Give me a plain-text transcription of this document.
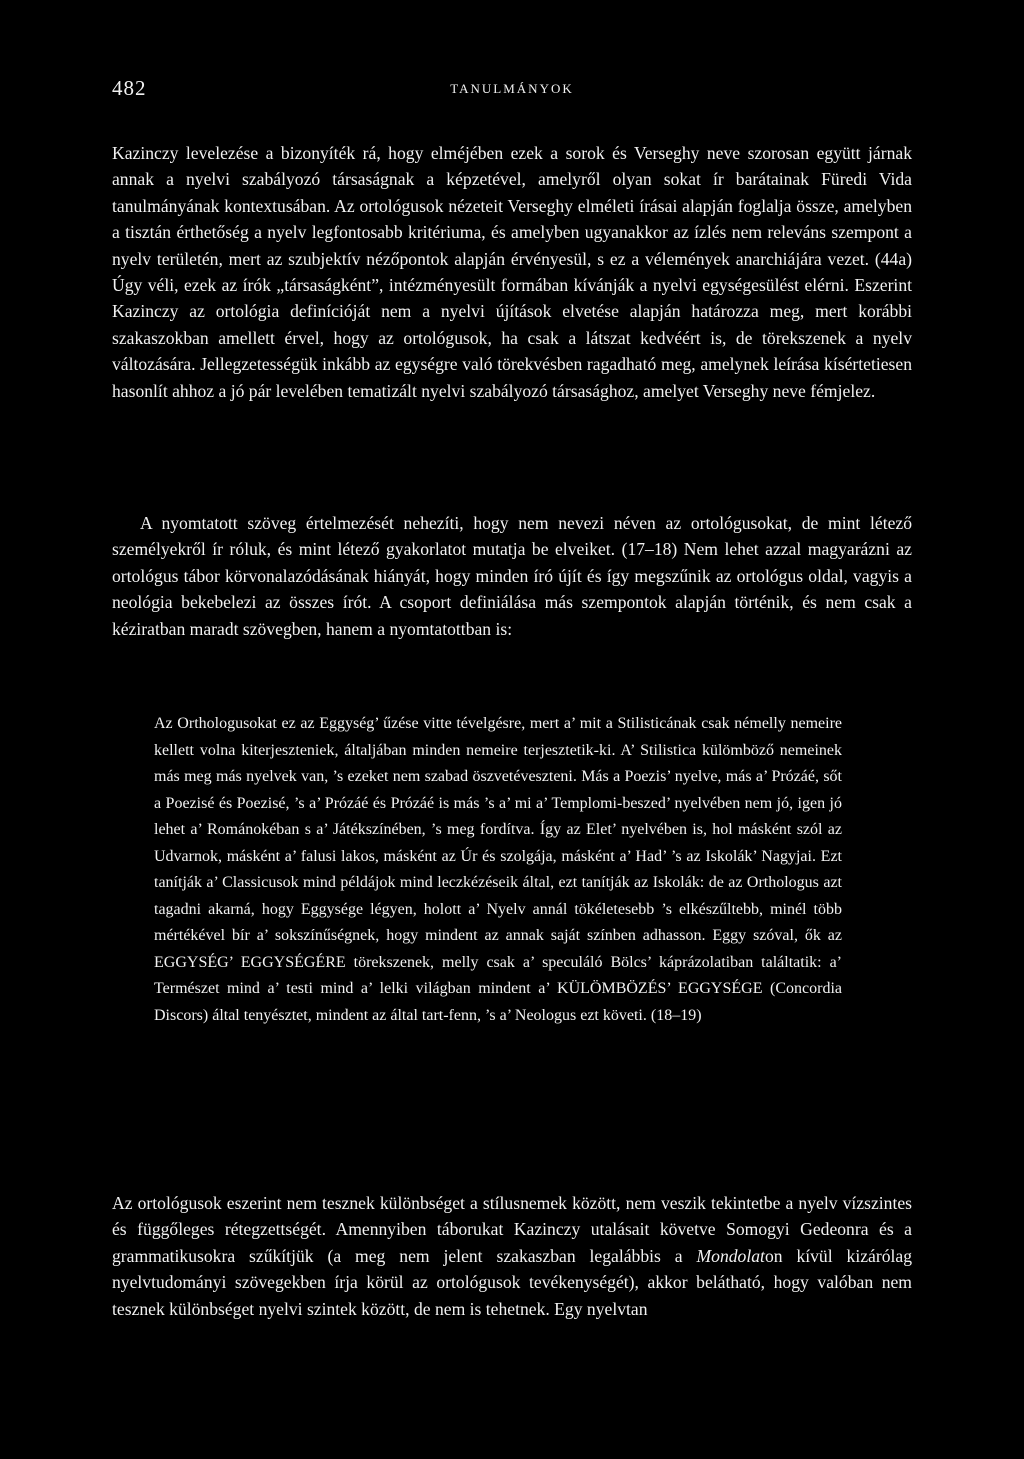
482	TANULMÁNYOK

Kazinczy levelezése a bizonyíték rá, hogy elméjében ezek a sorok és Verseghy neve szorosan együtt járnak annak a nyelvi szabályozó társaságnak a képzetével, amelyről olyan sokat ír barátainak Füredi Vida tanulmányának kontextusában. Az ortológusok nézeteit Verseghy elméleti írásai alapján foglalja össze, amelyben a tisztán érthetőség a nyelv legfontosabb kritériuma, és amelyben ugyanakkor az ízlés nem releváns szempont a nyelv területén, mert az szubjektív nézőpontok alapján érvényesül, s ez a vélemények anarchiájára vezet. (44a) Úgy véli, ezek az írók „társaságként”, intézményesült formában kívánják a nyelvi egységesülést elérni. Eszerint Kazinczy az ortológia definícióját nem a nyelvi újítások elvetése alapján határozza meg, mert korábbi szakaszokban amellett érvel, hogy az ortológusok, ha csak a látszat kedvéért is, de törekszenek a nyelv változására. Jellegzetességük inkább az egységre való törekvésben ragadható meg, amelynek leírása kísértetiesen hasonlít ahhoz a jó pár levelében tematizált nyelvi szabályozó társasághoz, amelyet Verseghy neve fémjelez.

A nyomtatott szöveg értelmezését nehezíti, hogy nem nevezi néven az ortológusokat, de mint létező személyekről ír róluk, és mint létező gyakorlatot mutatja be elveiket. (17–18) Nem lehet azzal magyarázni az ortológus tábor körvonalazódásának hiányát, hogy minden író újít és így megszűnik az ortológus oldal, vagyis a neológia bekebelezi az összes írót. A csoport definiálása más szempontok alapján történik, és nem csak a kéziratban maradt szövegben, hanem a nyomtatottban is:

Az Orthologusokat ez az Eggység’ űzése vitte tévelgésre, mert a’ mit a Stilisticának csak némelly nemeire kellett volna kiterjeszteniek, általjában minden nemeire terjesztetik-ki. A’ Stilistica külömböző nemeinek más meg más nyelvek van, ’s ezeket nem szabad öszvetéveszteni. Más a Poezis’ nyelve, más a’ Prózáé, sőt a Poezisé és Poezisé, ’s a’ Prózáé és Prózáé is más ’s a’ mi a’ Templomi-beszed’ nyelvében nem jó, igen jó lehet a’ Románokéban s a’ Játékszínében, ’s meg fordítva. Így az Elet’ nyelvében is, hol másként szól az Udvarnok, másként a’ falusi lakos, másként az Úr és szolgája, másként a’ Had’ ’s az Iskolák’ Nagyjai. Ezt tanítják a’ Classicusok mind példájok mind leczkézéseik által, ezt tanítják az Iskolák: de az Orthologus azt tagadni akarná, hogy Eggysége légyen, holott a’ Nyelv annál tökéletesebb ’s elkészűltebb, minél több mértékével bír a’ sokszínűségnek, hogy mindent az annak saját színben adhasson. Eggy szóval, ők az EGGYSÉG’ EGGYSÉGÉRE törekszenek, melly csak a’ speculáló Bölcs’ káprázolatiban találtatik: a’ Természet mind a’ testi mind a’ lelki világban mindent a’ KÜLÖMBÖZÉS’ EGGYSÉGE (Concordia Discors) által tenyésztet, mindent az által tart-fenn, ’s a’ Neologus ezt követi. (18–19)

Az ortológusok eszerint nem tesznek különbséget a stílusnemek között, nem veszik tekintetbe a nyelv vízszintes és függőleges rétegzettségét. Amennyiben táborukat Kazinczy utalásait követve Somogyi Gedeonra és a grammatikusokra szűkítjük (a meg nem jelent szakaszban legalábbis a Mondolaton kívül kizárólag nyelvtudományi szövegekben írja körül az ortológusok tevékenységét), akkor belátható, hogy valóban nem tesznek különbséget nyelvi szintek között, de nem is tehetnek. Egy nyelvtan
